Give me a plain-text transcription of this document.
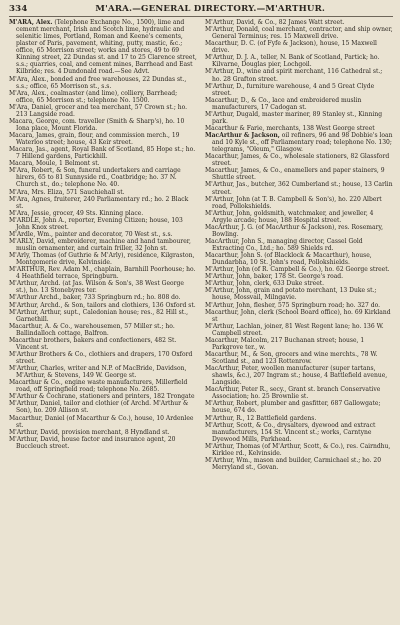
334	M'ARA.—GENERAL DIRECTORY.—M'ARTHUR.
M'ARA, Alex. (Telephone Exchange No., 1500), lime and cement merchant, Irish and Scotch lime, hydraulic and selenitic limes, Portland, Roman and Keene's cements, plaster of Paris, pavement, whiting, putty, mastic, &c.; office, 65 Morrison street; works and stores, 49 to 69 Kinning street, 22 Dundas st. and 17 to 25 Clarence street, s.s.; quarries, coal, and cement mines, Barrhead and East Kilbride; res. 4 Dundonald road.—See Advt.
M'Ara, Alex., bonded and free warehouses, 22 Dundas st., s.s.; office, 65 Morrison st., s.s.
M'Ara, Alex., coalmaster (and lime), colliery, Barrhead; office, 65 Morrison st.; telephone No. 1500.
M'Ara, Daniel, grocer and tea merchant, 57 Crown st.; ho. 213 Langside road.
Macara, George, com. traveller (Smith & Sharp's), ho. 10 Iona place, Mount Florida.
Macara, James, grain, flour, and commission merch., 19 Waterloo street; house, 43 Keir street.
Macara, Jas., agent, Royal Bank of Scotland, 85 Hope st.; ho. 7 Hillend gardens, Partickhill.
Macara, Moule, 1 Belmont st.
M'Ara, Robert, & Son, funeral undertakers and carriage hirers, 65 to 81 Sunnyside rd., Coatbridge; ho. 37 N. Church st., do.; telephone No. 40.
M'Ara, Mrs. Eliza, 571 Sauchiehall st.
M'Ara, Agnes, fruiterer, 240 Parliamentary rd.; ho. 2 Black st.
M'Ara, Jessie, grocer, 49 Sts. Kinning place.
M'ARDLE, John A., reporter, Evening Citizen; house, 103 John Knox street.
M'Ardle, Wm., painter and decorator, 70 West st., s.s.
M'ARLY, David, embroiderer, machine and hand tambourer, muslin ornamenter, and curtain friller, 32 John st.
M'Arly, Thomas (of Guthrie & M'Arly), residence, Kilgraston, Montgomerie drive, Kelvinside.
M'ARTHUR, Rev. Adam M., chaplain, Barnhill Poorhouse; ho. 4 Heathfield terrace, Springburn.
M'Arthur, Archd. (at Jas. Wilson & Son's, 38 West George st.), ho. 13 Stonebyres ter.
M'Arthur Archd., baker, 733 Springburn rd.; ho. 808 do.
M'Arthur, Archd., & Son, tailors and clothiers, 136 Oxford st.
M'Arthur, Arthur, supt., Caledonian house; res., 82 Hill st., Garnethill.
Macarthur, A. & Co., warehousemen, 57 Miller st.; ho. Ballindalloch cottage, Balfron.
Macarthur brothers, bakers and confectioners, 482 St. Vincent st.
M'Arthur Brothers & Co., clothiers and drapers, 170 Oxford street.
M'Arthur, Charles, writer and N.P. of MacBride, Davidson, M'Arthur, & Stevens, 149 W. George st.
Macarthur & Co., engine waste manufacturers, Millerfield road, off Springfield road; telephone No. 2685.
M'Arthur & Cochrane, stationers and printers, 182 Trongate
M'Arthur, Daniel, tailor and clothier (of Archd. M'Arthur & Son), ho. 209 Allison st.
Macarthur, Daniel (of Macarthur & Co.), house, 10 Ardenlee st.
M'Arthur, David, provision merchant, 8 Hyndland st.
M'Arthur, David, house factor and insurance agent, 20 Buccleuch street.
M'Arthur, David, & Co., 82 James Watt street.
M'Arthur, Donald, coal merchant, contractor, and ship owner, General Terminus; res. 15 Maxwell drive.
Macarthur, D. C. (of Fyfe & Jackson), house, 15 Maxwell drive.
M'Arthur, D. J. A., teller, N. Bank of Scotland, Partick; ho. Kilvarne, Douglas pier, Lochgoil.
M'Arthur, D., wine and spirit merchant, 116 Cathedral st.; ho. 28 Grafton street.
M'Arthur, D., furniture warehouse, 4 and 5 Great Clyde street.
Macarthur, D., & Co., lace and embroidered muslin manufacturers, 17 Cadogan st.
M'Arthur, Dugald, master mariner, 89 Stanley st., Kinning park.
Macarthur & Farie, merchants, 138 West George street
MacArthur & Jackson, oil refiners, 96 and 98 Dobbie's loan and 10 Kyle st., off Parliamentary road; telephone No. 130; telegrams, "Oleum," Glasgow.
Macarthur, James, & Co., wholesale stationers, 82 Glassford street.
Macarthur, James, & Co., enamellers and paper stainers, 9 Shuttle street.
M'Arthur, Jas., butcher, 362 Cumberland st.; house, 13 Carlin street.
M'Arthur, John (at T. B. Campbell & Son's), ho. 220 Albert road, Pollokshields.
M'Arthur, John, goldsmith, watchmaker, and jeweller, 4 Argyle arcade; house, 188 Hospital street.
MacArthur, J. G. (of MacArthur & Jackson), res. Rosemary, Bowling.
MacArthur, John S., managing director, Cassel Gold Extracting Co., Ltd.; ho. 589 Shields rd.
Macarthur, John S. (of Blacklock & Macarthur), house, Dundarbha, 10 St. John's road, Pollokshields.
M'Arthur, John (of R. Campbell & Co.), ho. 62 George street.
M'Arthur, John, baker, 178 St. George's road.
M'Arthur, John, clerk, 633 Duke street.
M'Arthur, John, grain and potato merchant, 13 Duke st.; house, Mossvail, Milngavie.
M'Arthur, John, flesher, 575 Springburn road; ho. 327 do.
Macarthur, John, clerk (School Board office), ho. 69 Kirkland st
M'Arthur, Lachlan, joiner, 81 West Regent lane; ho. 136 W. Campbell street.
Macarthur, Malcolm, 217 Buchanan street; house, 1 Parkgrove ter., w.
Macarthur, M., & Son, grocers and wine merchts., 78 W. Scotland st., and 123 Rottenrow.
MacArthur, Peter, woollen manufacturer (super tartans, shawls, &c.), 207 Ingram st.; house, 4 Battlefield avenue, Langside.
MacArthur, Peter R., secy., Grant st. branch Conservative Association; ho. 25 Brownlie st.
M'Arthur, Robert, plumber and gasfitter, 687 Gallowgate; house, 674 do.
M'Arthur, R., 12 Battlefield gardens.
M'Arthur, Scott, & Co., drysalters, dyewood and extract manufacturers, 154 St. Vincent st.; works, Carntyne Dyewood Mills, Parkhead.
M'Arthur, Thomas (of M'Arthur, Scott, & Co.), res. Cairndhu, Kirklee rd., Kelvinside.
M'Arthur, Wm., mason and builder, Carmichael st.; ho. 20 Merryland st., Govan.
